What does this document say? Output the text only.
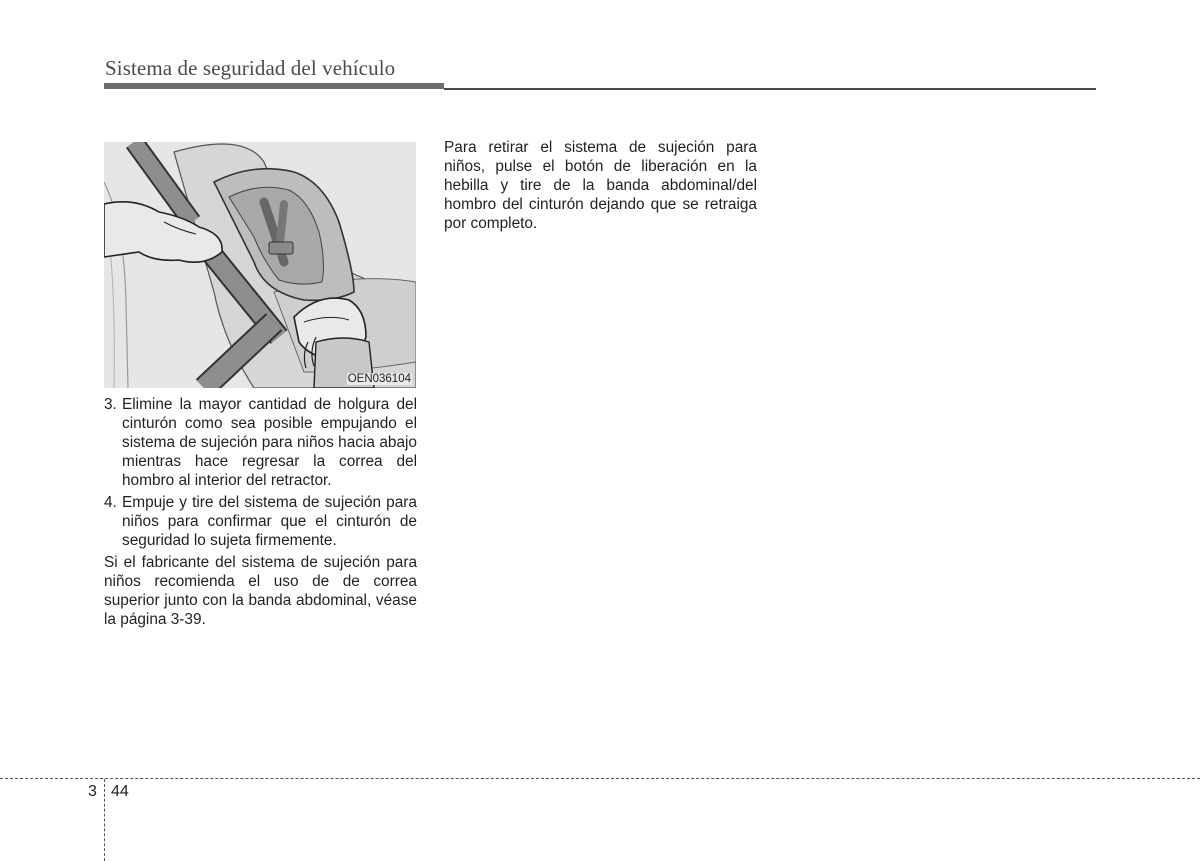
Sistema de seguridad del vehículo
OEN036104
3. Elimine la mayor cantidad de holgura del cinturón como sea posible empujando el sistema de sujeción para niños hacia abajo mientras hace regresar la correa del hombro al interior del retractor.
4. Empuje y tire del sistema de sujeción para niños para confirmar que el cinturón de seguridad lo sujeta firmemente.

Si el fabricante del sistema de sujeción para niños recomienda el uso de de correa superior junto con la banda abdominal, véase la página 3-39.

Para retirar el sistema de sujeción para niños, pulse el botón de liberación en la hebilla y tire de la banda abdominal/del hombro del cinturón dejando que se retraiga por completo.

3 44
